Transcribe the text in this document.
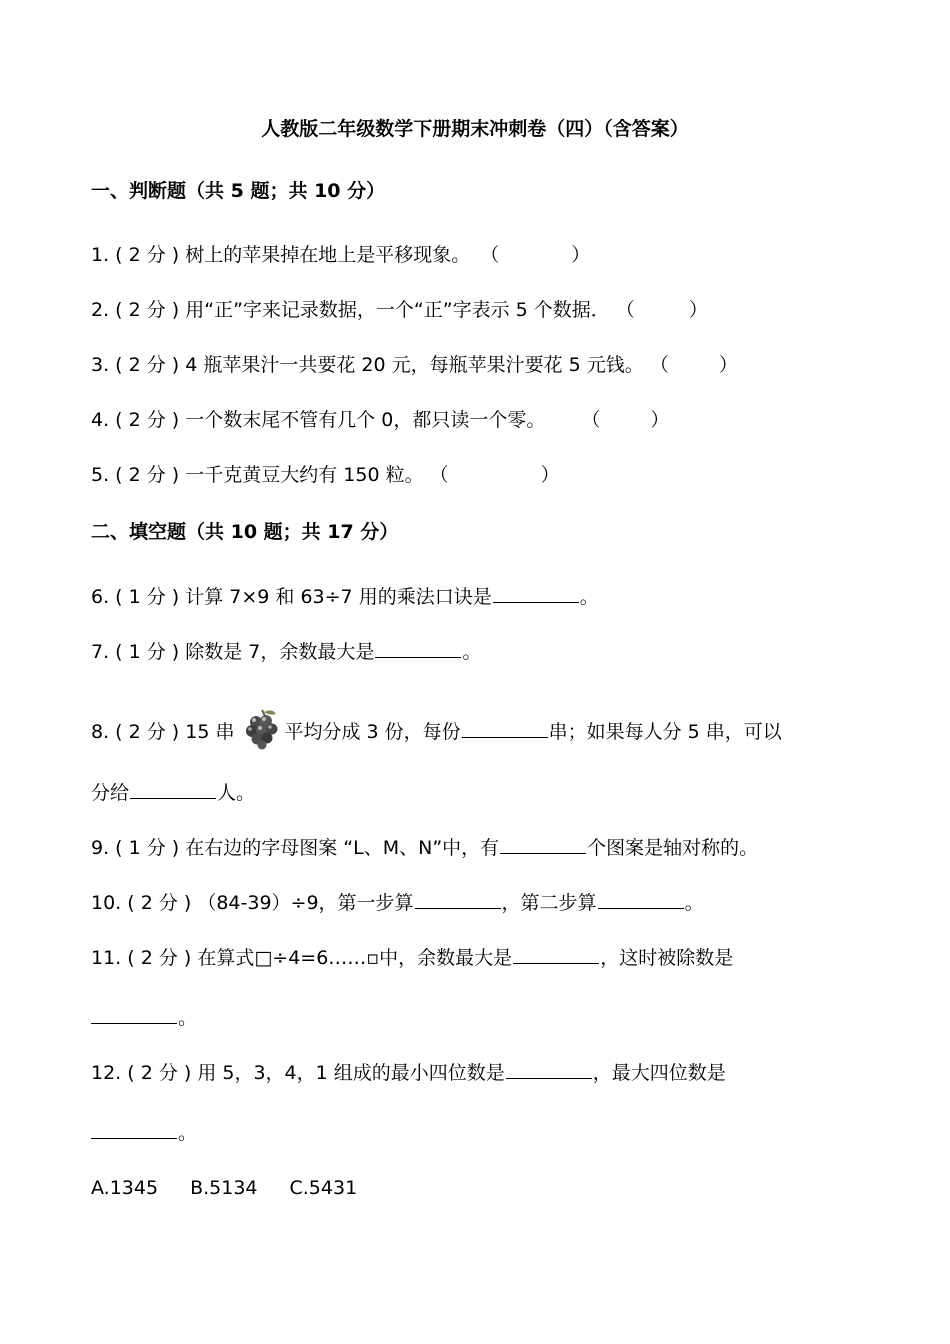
人教版二年级数学下册期末冲刺卷（四）（含答案）
一、判断题（共 5 题；共 10 分）
1. ( 2 分 ) 树上的苹果掉在地上是平移现象。 （	）
2. ( 2 分 ) 用“正”字来记录数据，一个“正”字表示 5 个数据． （	）
3. ( 2 分 ) 4 瓶苹果汁一共要花 20 元，每瓶苹果汁要花 5 元钱。 （	）
4. ( 2 分 ) 一个数末尾不管有几个 0，都只读一个零。 （	）
5. ( 2 分 ) 一千克黄豆大约有 150 粒。 （	）
二、填空题（共 10 题；共 17 分）
6. ( 1 分 ) 计算 7×9 和 63÷7 用的乘法口诀是	。
7. ( 1 分 ) 除数是 7，余数最大是	。
8. ( 2 分 ) 15 串	平均分成 3 份，每份	串；如果每人分 5 串，可以
分给	人。
9. ( 1 分 ) 在右边的字母图案 “L、M、N”中，有	个图案是轴对称的。
10. ( 2 分 ) （84-39）÷9，第一步算	，第二步算	。
11. ( 2 分 ) 在算式□÷4=6……▫中，余数最大是	，这时被除数是
。
12. ( 2 分 ) 用 5，3，4，1 组成的最小四位数是	，最大四位数是
。
A.1345 B.5134 C.5431
